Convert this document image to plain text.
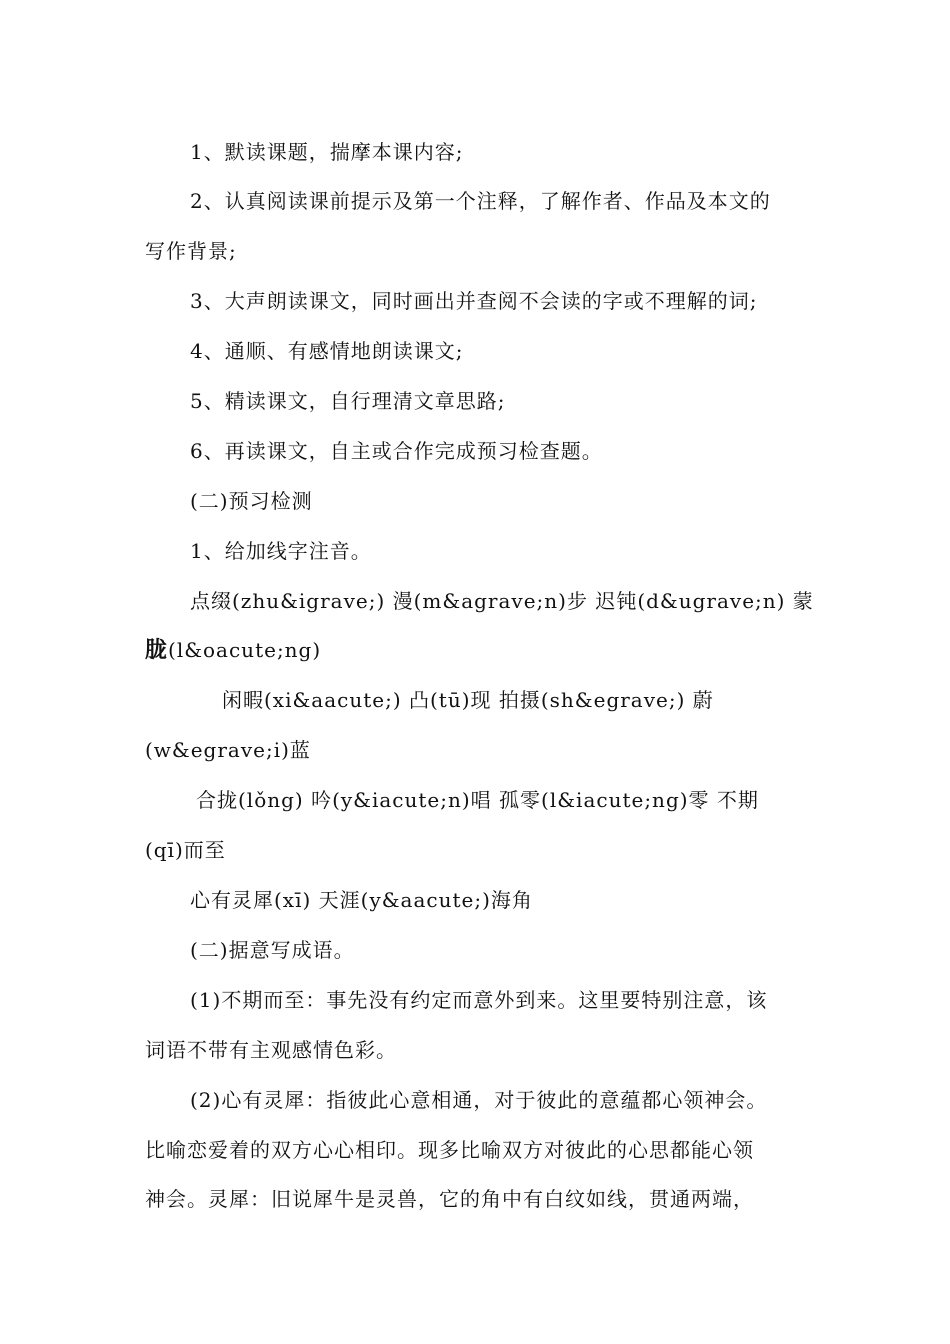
1、默读课题，揣摩本课内容;
2、认真阅读课前提示及第一个注释，了解作者、作品及本文的
写作背景;
3、大声朗读课文，同时画出并查阅不会读的字或不理解的词;
4、通顺、有感情地朗读课文;
5、精读课文，自行理清文章思路;
6、再读课文，自主或合作完成预习检查题。
(二)预习检测
1、给加线字注音。
点缀(zhu&igrave;) 漫(m&agrave;n)步 迟钝(d&ugrave;n) 蒙
胧(l&oacute;ng)
闲暇(xi&aacute;) 凸(tū)现 拍摄(sh&egrave;) 蔚
(w&egrave;i)蓝
合拢(lǒng) 吟(y&iacute;n)唱 孤零(l&iacute;ng)零 不期
(qī)而至
心有灵犀(xī) 天涯(y&aacute;)海角
(二)据意写成语。
(1)不期而至：事先没有约定而意外到来。这里要特别注意，该
词语不带有主观感情色彩。
(2)心有灵犀：指彼此心意相通，对于彼此的意蕴都心领神会。
比喻恋爱着的双方心心相印。现多比喻双方对彼此的心思都能心领
神会。灵犀：旧说犀牛是灵兽，它的角中有白纹如线，贯通两端，
